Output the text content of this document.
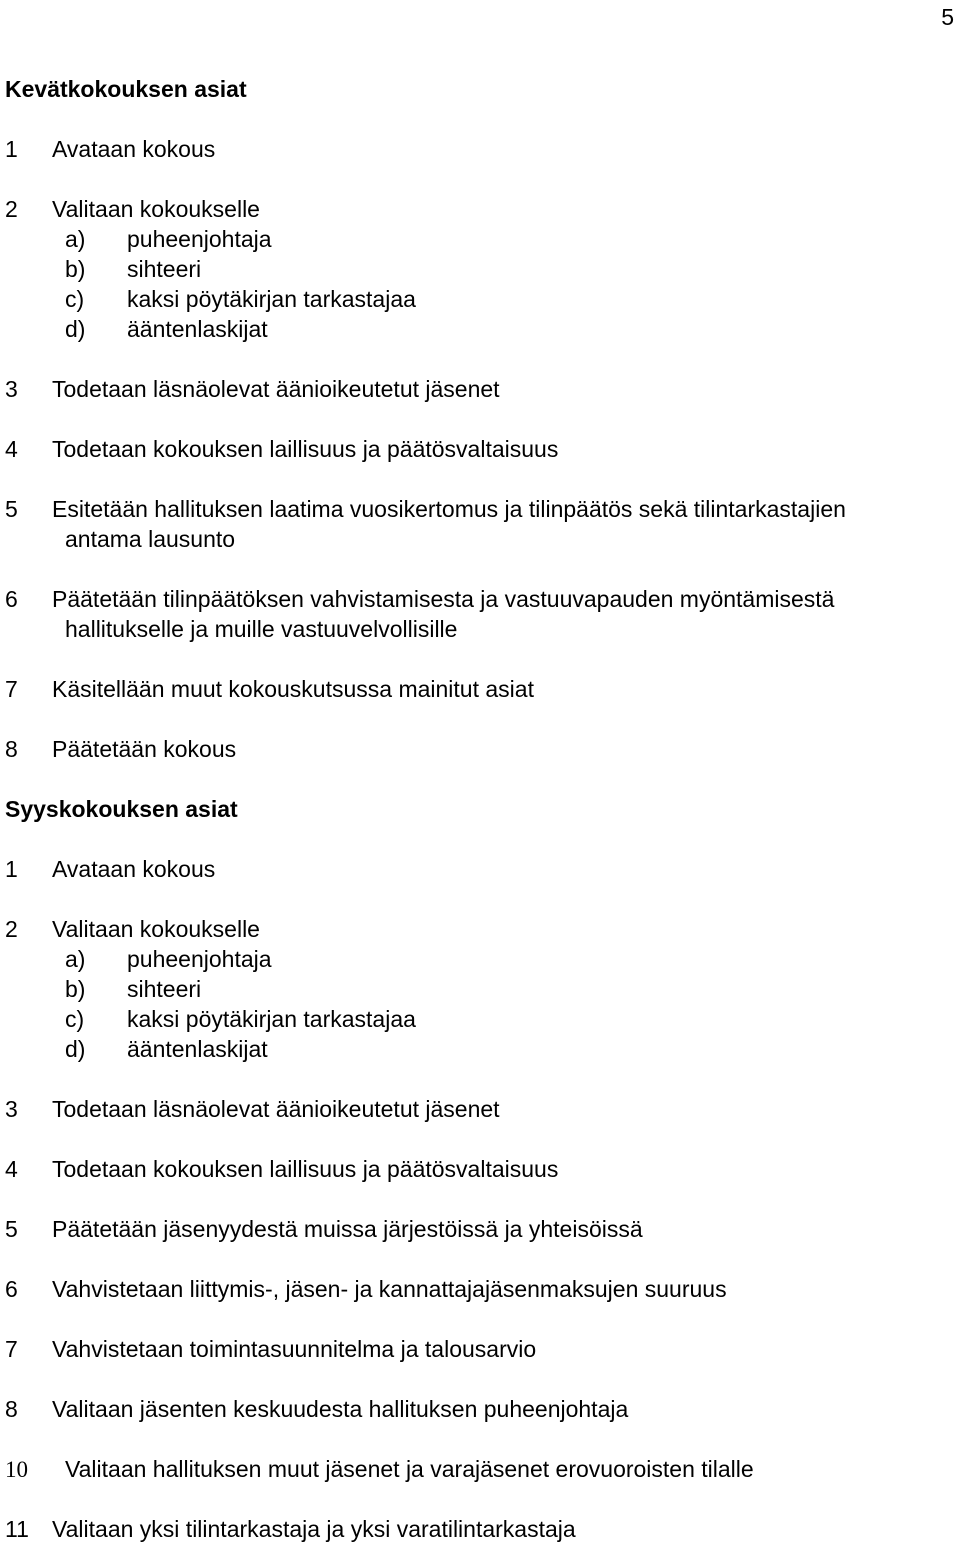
5
Kevätkokouksen asiat
1 Avataan kokous
2 Valitaan kokoukselle
a) puheenjohtaja
b) sihteeri
c) kaksi pöytäkirjan tarkastajaa
d) ääntenlaskijat
3 Todetaan läsnäolevat äänioikeutetut jäsenet
4 Todetaan kokouksen laillisuus ja päätösvaltaisuus
5 Esitetään hallituksen laatima vuosikertomus ja tilinpäätös sekä tilintarkastajien
antama lausunto
6 Päätetään tilinpäätöksen vahvistamisesta ja vastuuvapauden myöntämisestä
hallitukselle ja muille vastuuvelvollisille
7 Käsitellään muut kokouskutsussa mainitut asiat
8 Päätetään kokous
Syyskokouksen asiat
1 Avataan kokous
2 Valitaan kokoukselle
a) puheenjohtaja
b) sihteeri
c) kaksi pöytäkirjan tarkastajaa
d) ääntenlaskijat
3 Todetaan läsnäolevat äänioikeutetut jäsenet
4 Todetaan kokouksen laillisuus ja päätösvaltaisuus
5 Päätetään jäsenyydestä muissa järjestöissä ja yhteisöissä
6 Vahvistetaan liittymis-, jäsen- ja kannattajajäsenmaksujen suuruus
7 Vahvistetaan toimintasuunnitelma ja talousarvio
8 Valitaan jäsenten keskuudesta hallituksen puheenjohtaja
10 Valitaan hallituksen muut jäsenet ja varajäsenet erovuoroisten tilalle
11 Valitaan yksi tilintarkastaja ja yksi varatilintarkastaja
